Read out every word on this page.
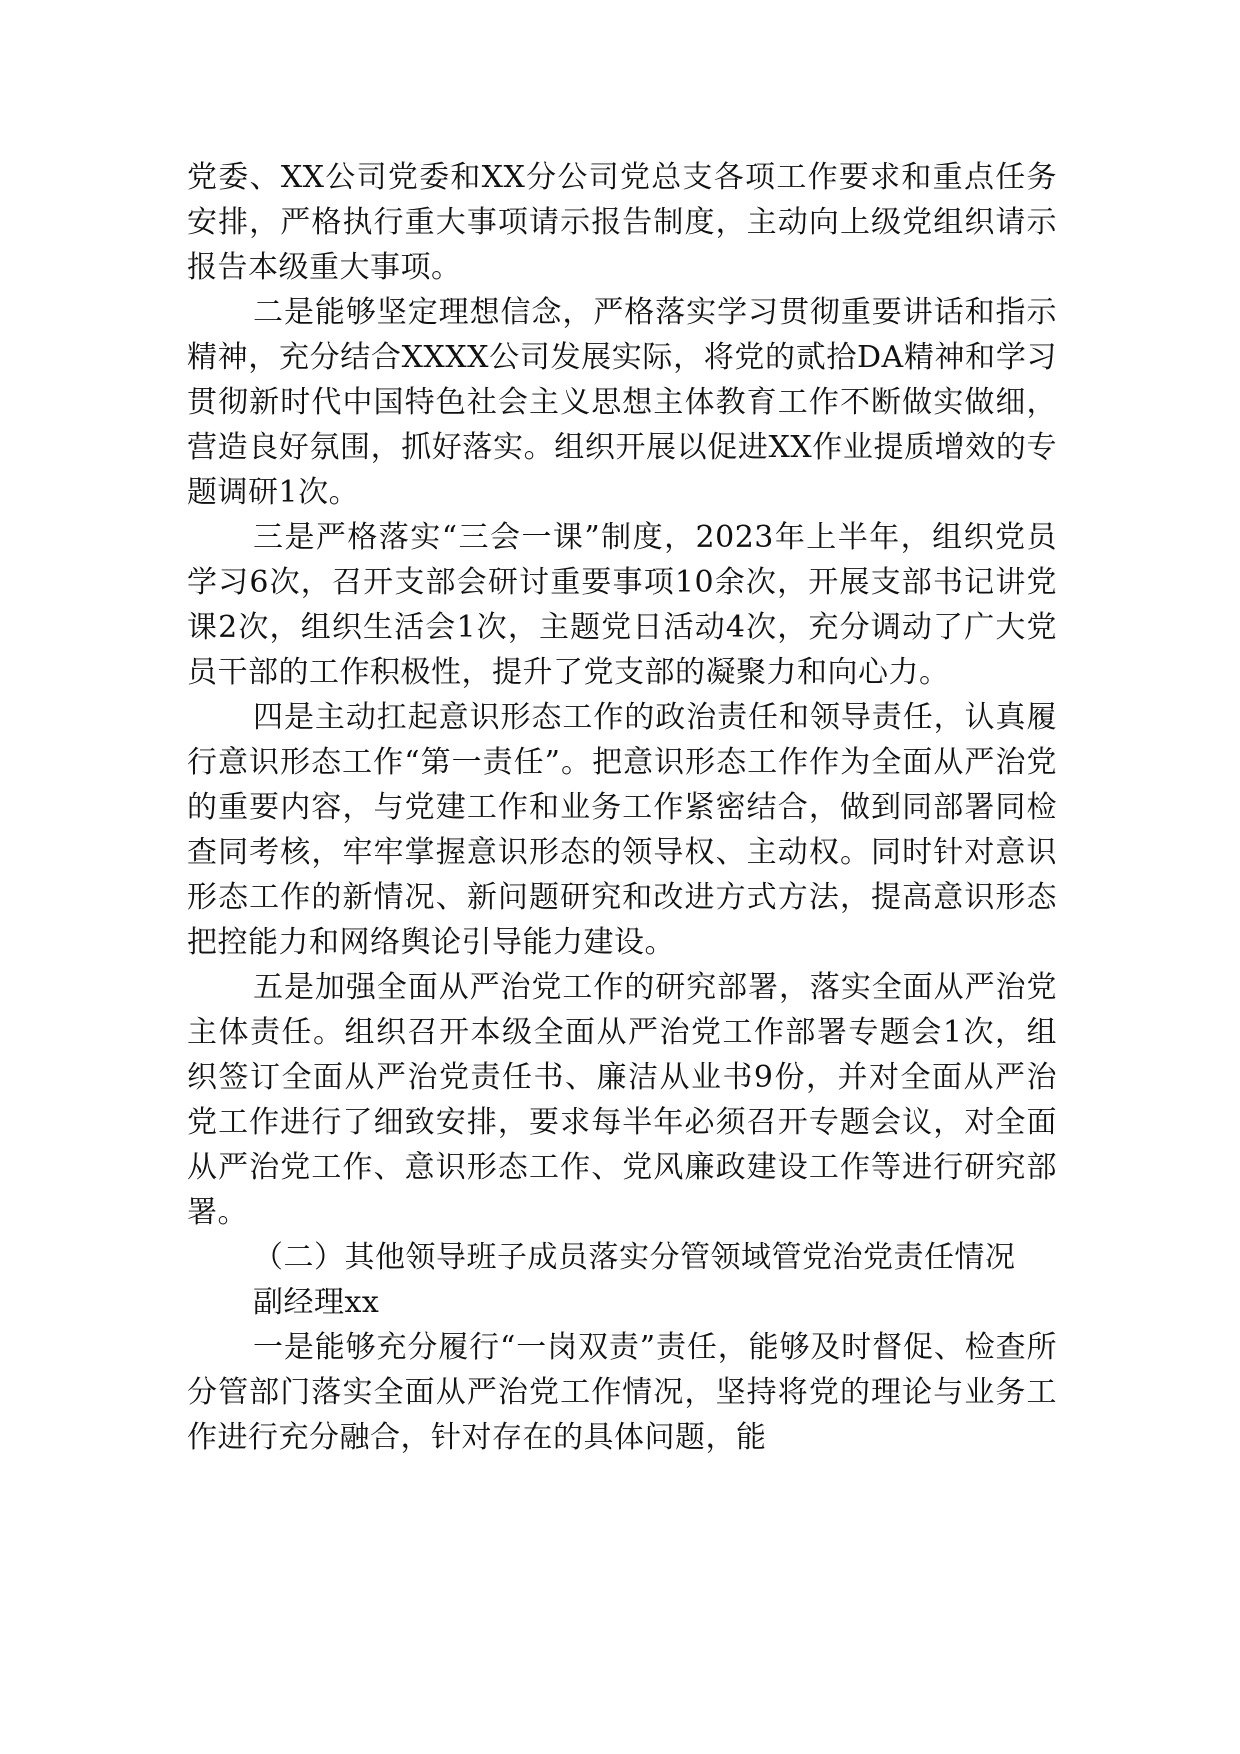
党委、XX公司党委和XX分公司党总支各项工作要求和重点任务安排，严格执行重大事项请示报告制度，主动向上级党组织请示报告本级重大事项。

二是能够坚定理想信念，严格落实学习贯彻重要讲话和指示精神，充分结合XXXX公司发展实际，将党的贰拾DA精神和学习贯彻新时代中国特色社会主义思想主体教育工作不断做实做细，营造良好氛围，抓好落实。组织开展以促进XX作业提质增效的专题调研1次。

三是严格落实“三会一课”制度，2023年上半年，组织党员学习6次，召开支部会研讨重要事项10余次，开展支部书记讲党课2次，组织生活会1次，主题党日活动4次，充分调动了广大党员干部的工作积极性，提升了党支部的凝聚力和向心力。

四是主动扛起意识形态工作的政治责任和领导责任，认真履行意识形态工作“第一责任”。把意识形态工作作为全面从严治党的重要内容，与党建工作和业务工作紧密结合，做到同部署同检查同考核，牢牢掌握意识形态的领导权、主动权。同时针对意识形态工作的新情况、新问题研究和改进方式方法，提高意识形态把控能力和网络舆论引导能力建设。

五是加强全面从严治党工作的研究部署，落实全面从严治党主体责任。组织召开本级全面从严治党工作部署专题会1次，组织签订全面从严治党责任书、廉洁从业书9份，并对全面从严治党工作进行了细致安排，要求每半年必须召开专题会议，对全面从严治党工作、意识形态工作、党风廉政建设工作等进行研究部署。

（二）其他领导班子成员落实分管领域管党治党责任情况

副经理xx

一是能够充分履行“一岗双责”责任，能够及时督促、检查所分管部门落实全面从严治党工作情况，坚持将党的理论与业务工作进行充分融合，针对存在的具体问题，能
